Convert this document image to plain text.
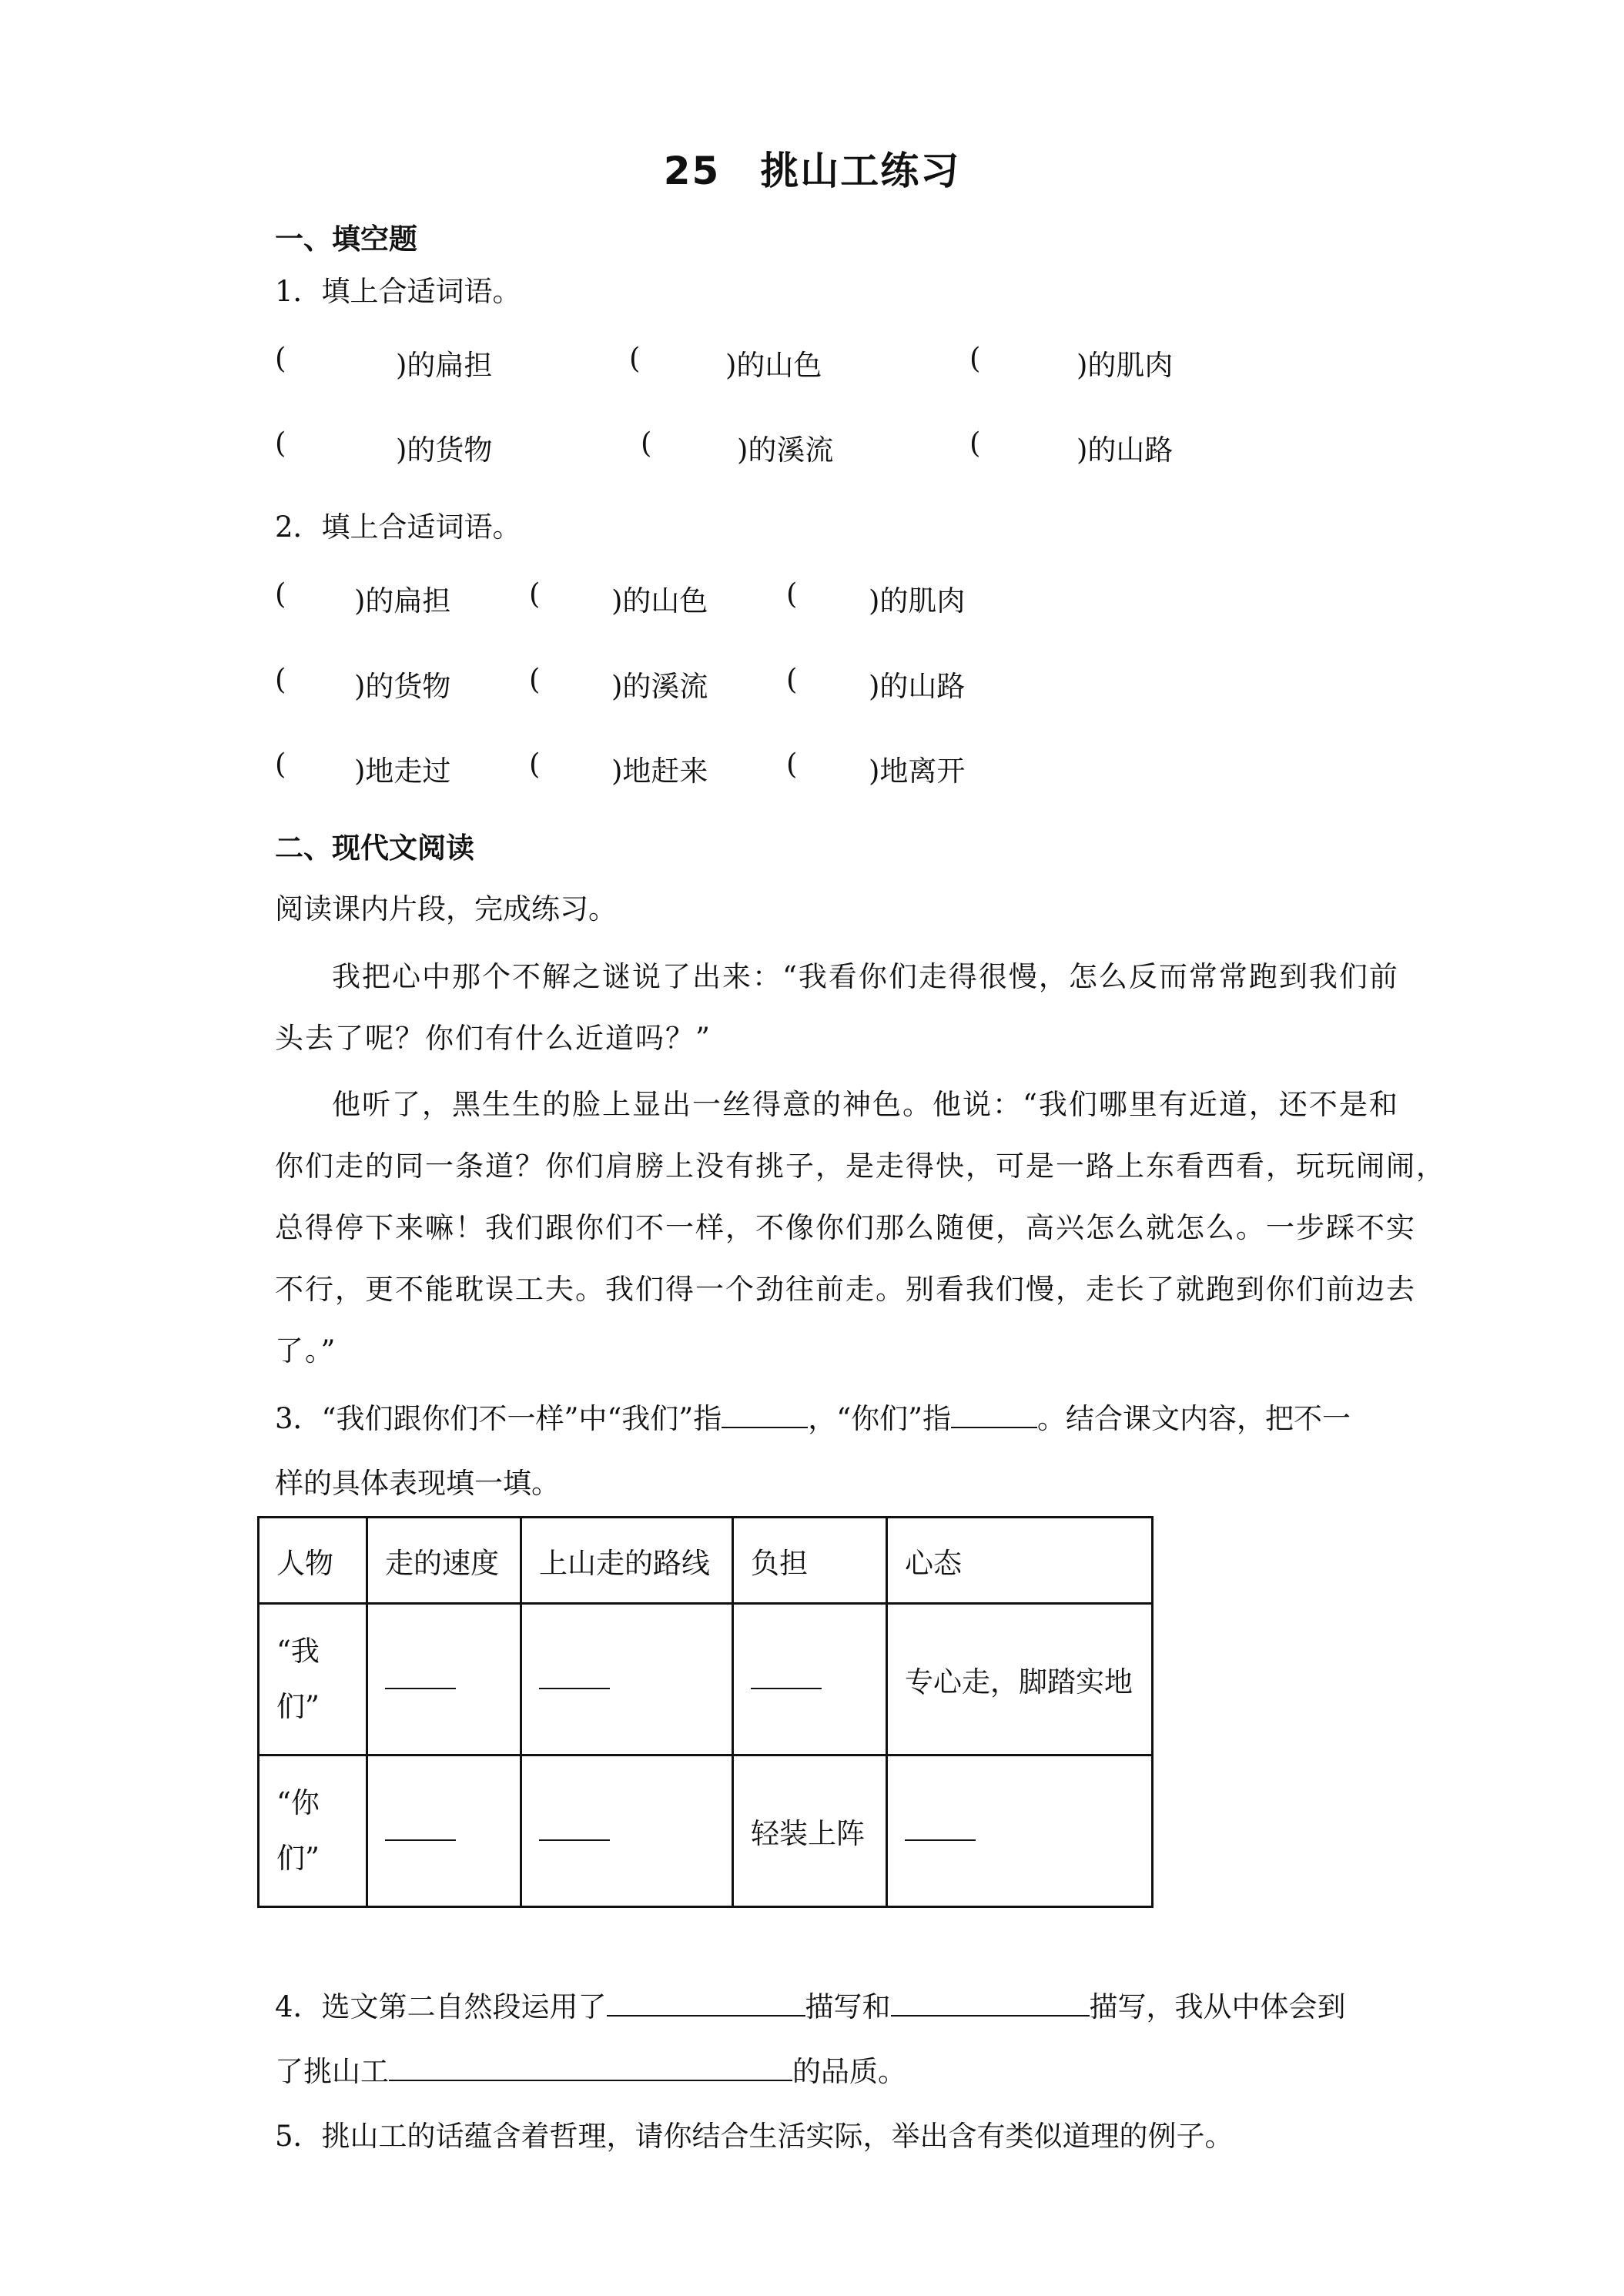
25　挑山工练习
一、填空题
1．填上合适词语。
(	)的扁担	(	)的山色	(	)的肌肉
(	)的货物	(	)的溪流	(	)的山路
2．填上合适词语。
( )的扁担	(	)的山色	(	)的肌肉
( )的货物	(	)的溪流	(	)的山路
( )地走过	(	)地赶来	(	)地离开
二、现代文阅读
阅读课内片段，完成练习。
我把心中那个不解之谜说了出来：“我看你们走得很慢，怎么反而常常跑到我们前
头去了呢？你们有什么近道吗？”
他听了，黑生生的脸上显出一丝得意的神色。他说：“我们哪里有近道，还不是和
你们走的同一条道？你们肩膀上没有挑子，是走得快，可是一路上东看西看，玩玩闹闹，
总得停下来嘛！我们跟你们不一样，不像你们那么随便，高兴怎么就怎么。一步踩不实
不行，更不能耽误工夫。我们得一个劲往前走。别看我们慢，走长了就跑到你们前边去
了。”
3．“我们跟你们不一样”中“我们”指	，“你们”指	。结合课文内容，把不一
样的具体表现填一填。
人物	走的速度	上山走的路线	负担	心态
“我
们”				专心走，脚踏实地
“你
们”			轻装上阵	
4．选文第二自然段运用了	描写和	描写，我从中体会到
了挑山工	的品质。
5．挑山工的话蕴含着哲理，请你结合生活实际，举出含有类似道理的例子。
